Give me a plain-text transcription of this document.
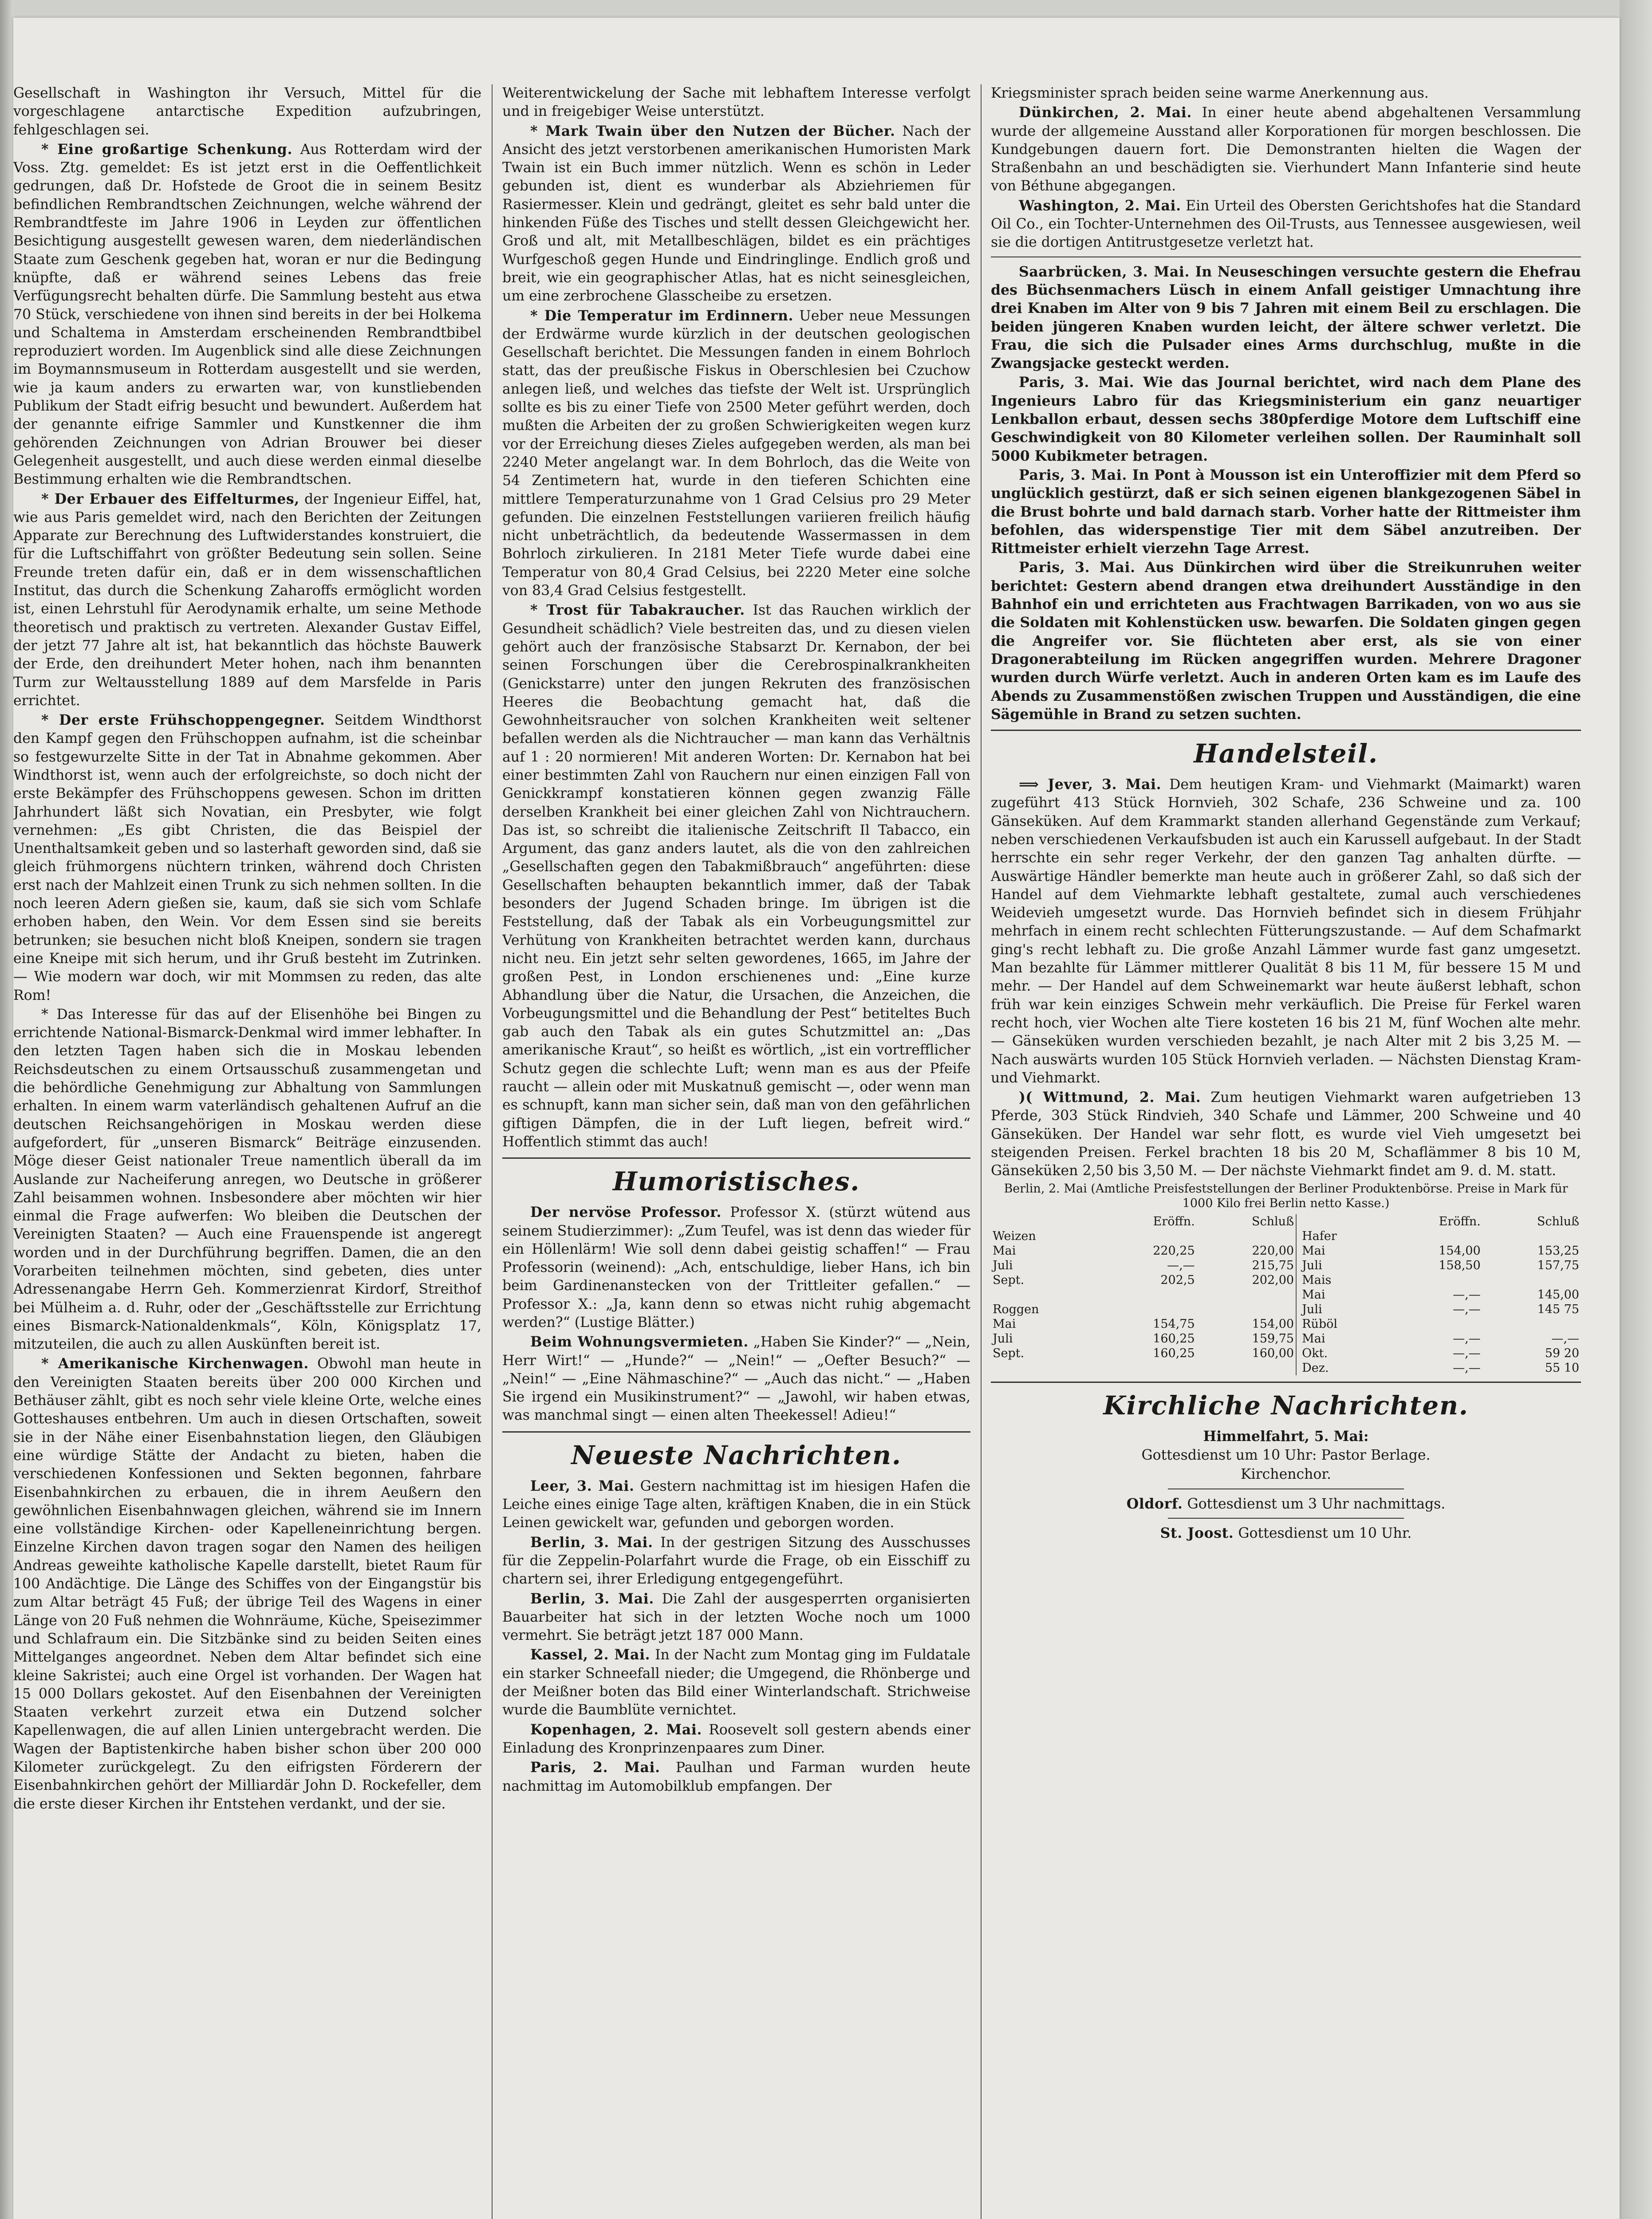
Gesellschaft in Washington ihr Versuch, Mittel für die vorgeschlagene antarctische Expedition aufzubringen, fehlgeschlagen sei.

* Eine großartige Schenkung. Aus Rotterdam wird der Voss. Ztg. gemeldet: Es ist jetzt erst in die Oeffentlichkeit gedrungen, daß Dr. Hofstede de Groot die in seinem Besitz befindlichen Rembrandtschen Zeichnungen, welche während der Rembrandtfeste im Jahre 1906 in Leyden zur öffentlichen Besichtigung ausgestellt gewesen waren, dem niederländischen Staate zum Geschenk gegeben hat, woran er nur die Bedingung knüpfte, daß er während seines Lebens das freie Verfügungsrecht behalten dürfe. Die Sammlung besteht aus etwa 70 Stück, verschiedene von ihnen sind bereits in der bei Holkema und Schaltema in Amsterdam erscheinenden Rembrandtbibel reproduziert worden. Im Augenblick sind alle diese Zeichnungen im Boymannsmuseum in Rotterdam ausgestellt und sie werden, wie ja kaum anders zu erwarten war, von kunstliebenden Publikum der Stadt eifrig besucht und bewundert. Außerdem hat der genannte eifrige Sammler und Kunstkenner die ihm gehörenden Zeichnungen von Adrian Brouwer bei dieser Gelegenheit ausgestellt, und auch diese werden einmal dieselbe Bestimmung erhalten wie die Rembrandtschen.

* Der Erbauer des Eiffelturmes, der Ingenieur Eiffel, hat, wie aus Paris gemeldet wird, nach den Berichten der Zeitungen Apparate zur Berechnung des Luftwiderstandes konstruiert, die für die Luftschiffahrt von größter Bedeutung sein sollen. Seine Freunde treten dafür ein, daß er in dem wissenschaftlichen Institut, das durch die Schenkung Zaharoffs ermöglicht worden ist, einen Lehrstuhl für Aerodynamik erhalte, um seine Methode theoretisch und praktisch zu vertreten. Alexander Gustav Eiffel, der jetzt 77 Jahre alt ist, hat bekanntlich das höchste Bauwerk der Erde, den dreihundert Meter hohen, nach ihm benannten Turm zur Weltausstellung 1889 auf dem Marsfelde in Paris errichtet.

* Der erste Frühschoppengegner. Seitdem Windthorst den Kampf gegen den Frühschoppen aufnahm, ist die scheinbar so festgewurzelte Sitte in der Tat in Abnahme gekommen. Aber Windthorst ist, wenn auch der erfolgreichste, so doch nicht der erste Bekämpfer des Frühschoppens gewesen. Schon im dritten Jahrhundert läßt sich Novatian, ein Presbyter, wie folgt vernehmen: „Es gibt Christen, die das Beispiel der Unenthaltsamkeit geben und so lasterhaft geworden sind, daß sie gleich frühmorgens nüchtern trinken, während doch Christen erst nach der Mahlzeit einen Trunk zu sich nehmen sollten. In die noch leeren Adern gießen sie, kaum, daß sie sich vom Schlafe erhoben haben, den Wein. Vor dem Essen sind sie bereits betrunken; sie besuchen nicht bloß Kneipen, sondern sie tragen eine Kneipe mit sich herum, und ihr Gruß besteht im Zutrinken. — Wie modern war doch, wir mit Mommsen zu reden, das alte Rom!

* Das Interesse für das auf der Elisenhöhe bei Bingen zu errichtende National-Bismarck-Denkmal wird immer lebhafter. In den letzten Tagen haben sich die in Moskau lebenden Reichsdeutschen zu einem Ortsausschuß zusammengetan und die behördliche Genehmigung zur Abhaltung von Sammlungen erhalten. In einem warm vaterländisch gehaltenen Aufruf an die deutschen Reichsangehörigen in Moskau werden diese aufgefordert, für „unseren Bismarck“ Beiträge einzusenden. Möge dieser Geist nationaler Treue namentlich überall da im Auslande zur Nacheiferung anregen, wo Deutsche in größerer Zahl beisammen wohnen. Insbesondere aber möchten wir hier einmal die Frage aufwerfen: Wo bleiben die Deutschen der Vereinigten Staaten? — Auch eine Frauenspende ist angeregt worden und in der Durchführung begriffen. Damen, die an den Vorarbeiten teilnehmen möchten, sind gebeten, dies unter Adressenangabe Herrn Geh. Kommerzienrat Kirdorf, Streithof bei Mülheim a. d. Ruhr, oder der „Geschäftsstelle zur Errichtung eines Bismarck-Nationaldenkmals“, Köln, Königsplatz 17, mitzuteilen, die auch zu allen Auskünften bereit ist.

* Amerikanische Kirchenwagen. Obwohl man heute in den Vereinigten Staaten bereits über 200 000 Kirchen und Bethäuser zählt, gibt es noch sehr viele kleine Orte, welche eines Gotteshauses entbehren. Um auch in diesen Ortschaften, soweit sie in der Nähe einer Eisenbahnstation liegen, den Gläubigen eine würdige Stätte der Andacht zu bieten, haben die verschiedenen Konfessionen und Sekten begonnen, fahrbare Eisenbahnkirchen zu erbauen, die in ihrem Aeußern den gewöhnlichen Eisenbahnwagen gleichen, während sie im Innern eine vollständige Kirchen- oder Kapelleneinrichtung bergen. Einzelne Kirchen davon tragen sogar den Namen des heiligen Andreas geweihte katholische Kapelle darstellt, bietet Raum für 100 Andächtige. Die Länge des Schiffes von der Eingangstür bis zum Altar beträgt 45 Fuß; der übrige Teil des Wagens in einer Länge von 20 Fuß nehmen die Wohnräume, Küche, Speisezimmer und Schlafraum ein. Die Sitzbänke sind zu beiden Seiten eines Mittelganges angeordnet. Neben dem Altar befindet sich eine kleine Sakristei; auch eine Orgel ist vorhanden. Der Wagen hat 15 000 Dollars gekostet. Auf den Eisenbahnen der Vereinigten Staaten verkehrt zurzeit etwa ein Dutzend solcher Kapellenwagen, die auf allen Linien untergebracht werden. Die Wagen der Baptistenkirche haben bisher schon über 200 000 Kilometer zurückgelegt. Zu den eifrigsten Förderern der Eisenbahnkirchen gehört der Milliardär John D. Rockefeller, dem die erste dieser Kirchen ihr Entstehen verdankt, und der sie.

Weiterentwickelung der Sache mit lebhaftem Interesse verfolgt und in freigebiger Weise unterstützt.

* Mark Twain über den Nutzen der Bücher. Nach der Ansicht des jetzt verstorbenen amerikanischen Humoristen Mark Twain ist ein Buch immer nützlich. Wenn es schön in Leder gebunden ist, dient es wunderbar als Abziehriemen für Rasiermesser. Klein und gedrängt, gleitet es sehr bald unter die hinkenden Füße des Tisches und stellt dessen Gleichgewicht her. Groß und alt, mit Metallbeschlägen, bildet es ein prächtiges Wurfgeschoß gegen Hunde und Eindringlinge. Endlich groß und breit, wie ein geographischer Atlas, hat es nicht seinesgleichen, um eine zerbrochene Glasscheibe zu ersetzen.

* Die Temperatur im Erdinnern. Ueber neue Messungen der Erdwärme wurde kürzlich in der deutschen geologischen Gesellschaft berichtet. Die Messungen fanden in einem Bohrloch statt, das der preußische Fiskus in Oberschlesien bei Czuchow anlegen ließ, und welches das tiefste der Welt ist. Ursprünglich sollte es bis zu einer Tiefe von 2500 Meter geführt werden, doch mußten die Arbeiten der zu großen Schwierigkeiten wegen kurz vor der Erreichung dieses Zieles aufgegeben werden, als man bei 2240 Meter angelangt war. In dem Bohrloch, das die Weite von 54 Zentimetern hat, wurde in den tieferen Schichten eine mittlere Temperaturzunahme von 1 Grad Celsius pro 29 Meter gefunden. Die einzelnen Feststellungen variieren freilich häufig nicht unbeträchtlich, da bedeutende Wassermassen in dem Bohrloch zirkulieren. In 2181 Meter Tiefe wurde dabei eine Temperatur von 80,4 Grad Celsius, bei 2220 Meter eine solche von 83,4 Grad Celsius festgestellt.

* Trost für Tabakraucher. Ist das Rauchen wirklich der Gesundheit schädlich? Viele bestreiten das, und zu diesen vielen gehört auch der französische Stabsarzt Dr. Kernabon, der bei seinen Forschungen über die Cerebrospinalkrankheiten (Genickstarre) unter den jungen Rekruten des französischen Heeres die Beobachtung gemacht hat, daß die Gewohnheitsraucher von solchen Krankheiten weit seltener befallen werden als die Nichtraucher — man kann das Verhältnis auf 1 : 20 normieren! Mit anderen Worten: Dr. Kernabon hat bei einer bestimmten Zahl von Rauchern nur einen einzigen Fall von Genickkrampf konstatieren können gegen zwanzig Fälle derselben Krankheit bei einer gleichen Zahl von Nichtrauchern. Das ist, so schreibt die italienische Zeitschrift Il Tabacco, ein Argument, das ganz anders lautet, als die von den zahlreichen „Gesellschaften gegen den Tabakmißbrauch“ angeführten: diese Gesellschaften behaupten bekanntlich immer, daß der Tabak besonders der Jugend Schaden bringe. Im übrigen ist die Feststellung, daß der Tabak als ein Vorbeugungsmittel zur Verhütung von Krankheiten betrachtet werden kann, durchaus nicht neu. Ein jetzt sehr selten gewordenes, 1665, im Jahre der großen Pest, in London erschienenes und: „Eine kurze Abhandlung über die Natur, die Ursachen, die Anzeichen, die Vorbeugungsmittel und die Behandlung der Pest“ betiteltes Buch gab auch den Tabak als ein gutes Schutzmittel an: „Das amerikanische Kraut“, so heißt es wörtlich, „ist ein vortrefflicher Schutz gegen die schlechte Luft; wenn man es aus der Pfeife raucht — allein oder mit Muskatnuß gemischt —, oder wenn man es schnupft, kann man sicher sein, daß man von den gefährlichen giftigen Dämpfen, die in der Luft liegen, befreit wird.“ Hoffentlich stimmt das auch!

Humoristisches.

Der nervöse Professor. Professor X. (stürzt wütend aus seinem Studierzimmer): „Zum Teufel, was ist denn das wieder für ein Höllenlärm! Wie soll denn dabei geistig schaffen!“ — Frau Professorin (weinend): „Ach, entschuldige, lieber Hans, ich bin beim Gardinenanstecken von der Trittleiter gefallen.“ — Professor X.: „Ja, kann denn so etwas nicht ruhig abgemacht werden?“ (Lustige Blätter.)

Beim Wohnungsvermieten. „Haben Sie Kinder?“ — „Nein, Herr Wirt!“ — „Hunde?“ — „Nein!“ — „Oefter Besuch?“ — „Nein!“ — „Eine Nähmaschine?“ — „Auch das nicht.“ — „Haben Sie irgend ein Musikinstrument?“ — „Jawohl, wir haben etwas, was manchmal singt — einen alten Theekessel! Adieu!“

Neueste Nachrichten.

Leer, 3. Mai. Gestern nachmittag ist im hiesigen Hafen die Leiche eines einige Tage alten, kräftigen Knaben, die in ein Stück Leinen gewickelt war, gefunden und geborgen worden.

Berlin, 3. Mai. In der gestrigen Sitzung des Ausschusses für die Zeppelin-Polarfahrt wurde die Frage, ob ein Eisschiff zu chartern sei, ihrer Erledigung entgegengeführt.

Berlin, 3. Mai. Die Zahl der ausgesperrten organisierten Bauarbeiter hat sich in der letzten Woche noch um 1000 vermehrt. Sie beträgt jetzt 187 000 Mann.

Kassel, 2. Mai. In der Nacht zum Montag ging im Fuldatale ein starker Schneefall nieder; die Umgegend, die Rhönberge und der Meißner boten das Bild einer Winterlandschaft. Strichweise wurde die Baumblüte vernichtet.

Kopenhagen, 2. Mai. Roosevelt soll gestern abends einer Einladung des Kronprinzenpaares zum Diner.

Paris, 2. Mai. Paulhan und Farman wurden heute nachmittag im Automobilklub empfangen. Der

Kriegsminister sprach beiden seine warme Anerkennung aus.

Dünkirchen, 2. Mai. In einer heute abend abgehaltenen Versammlung wurde der allgemeine Ausstand aller Korporationen für morgen beschlossen. Die Kundgebungen dauern fort. Die Demonstranten hielten die Wagen der Straßenbahn an und beschädigten sie. Vierhundert Mann Infanterie sind heute von Béthune abgegangen.

Washington, 2. Mai. Ein Urteil des Obersten Gerichtshofes hat die Standard Oil Co., ein Tochter-Unternehmen des Oil-Trusts, aus Tennessee ausgewiesen, weil sie die dortigen Antitrustgesetze verletzt hat.

Saarbrücken, 3. Mai. In Neuseschingen versuchte gestern die Ehefrau des Büchsenmachers Lüsch in einem Anfall geistiger Umnachtung ihre drei Knaben im Alter von 9 bis 7 Jahren mit einem Beil zu erschlagen. Die beiden jüngeren Knaben wurden leicht, der ältere schwer verletzt. Die Frau, die sich die Pulsader eines Arms durchschlug, mußte in die Zwangsjacke gesteckt werden.

Paris, 3. Mai. Wie das Journal berichtet, wird nach dem Plane des Ingenieurs Labro für das Kriegsministerium ein ganz neuartiger Lenkballon erbaut, dessen sechs 380pferdige Motore dem Luftschiff eine Geschwindigkeit von 80 Kilometer verleihen sollen. Der Rauminhalt soll 5000 Kubikmeter betragen.

Paris, 3. Mai. In Pont à Mousson ist ein Unteroffizier mit dem Pferd so unglücklich gestürzt, daß er sich seinen eigenen blankgezogenen Säbel in die Brust bohrte und bald darnach starb. Vorher hatte der Rittmeister ihm befohlen, das widerspenstige Tier mit dem Säbel anzutreiben. Der Rittmeister erhielt vierzehn Tage Arrest.

Paris, 3. Mai. Aus Dünkirchen wird über die Streikunruhen weiter berichtet: Gestern abend drangen etwa dreihundert Ausständige in den Bahnhof ein und errichteten aus Frachtwagen Barrikaden, von wo aus sie die Soldaten mit Kohlenstücken usw. bewarfen. Die Soldaten gingen gegen die Angreifer vor. Sie flüchteten aber erst, als sie von einer Dragonerabteilung im Rücken angegriffen wurden. Mehrere Dragoner wurden durch Würfe verletzt. Auch in anderen Orten kam es im Laufe des Abends zu Zusammenstößen zwischen Truppen und Ausständigen, die eine Sägemühle in Brand zu setzen suchten.

Handelsteil.

⟹ Jever, 3. Mai. Dem heutigen Kram- und Viehmarkt (Maimarkt) waren zugeführt 413 Stück Hornvieh, 302 Schafe, 236 Schweine und za. 100 Gänseküken. Auf dem Krammarkt standen allerhand Gegenstände zum Verkauf; neben verschiedenen Verkaufsbuden ist auch ein Karussell aufgebaut. In der Stadt herrschte ein sehr reger Verkehr, der den ganzen Tag anhalten dürfte. — Auswärtige Händler bemerkte man heute auch in größerer Zahl, so daß sich der Handel auf dem Viehmarkte lebhaft gestaltete, zumal auch verschiedenes Weidevieh umgesetzt wurde. Das Hornvieh befindet sich in diesem Frühjahr mehrfach in einem recht schlechten Fütterungszustande. — Auf dem Schafmarkt ging's recht lebhaft zu. Die große Anzahl Lämmer wurde fast ganz umgesetzt. Man bezahlte für Lämmer mittlerer Qualität 8 bis 11 M, für bessere 15 M und mehr. — Der Handel auf dem Schweinemarkt war heute äußerst lebhaft, schon früh war kein einziges Schwein mehr verkäuflich. Die Preise für Ferkel waren recht hoch, vier Wochen alte Tiere kosteten 16 bis 21 M, fünf Wochen alte mehr. — Gänseküken wurden verschieden bezahlt, je nach Alter mit 2 bis 3,25 M. — Nach auswärts wurden 105 Stück Hornvieh verladen. — Nächsten Dienstag Kram- und Viehmarkt.

)( Wittmund, 2. Mai. Zum heutigen Viehmarkt waren aufgetrieben 13 Pferde, 303 Stück Rindvieh, 340 Schafe und Lämmer, 200 Schweine und 40 Gänseküken. Der Handel war sehr flott, es wurde viel Vieh umgesetzt bei steigenden Preisen. Ferkel brachten 18 bis 20 M, Schaflämmer 8 bis 10 M, Gänseküken 2,50 bis 3,50 M. — Der nächste Viehmarkt findet am 9. d. M. statt.

Berlin, 2. Mai (Amtliche Preisfeststellungen der Berliner Produktenbörse. Preise in Mark für 1000 Kilo frei Berlin netto Kasse.)

	Eröffn.	Schluß			Eröffn.	Schluß
Weizen				Hafer		
Mai	220,25	220,00		Mai	154,00	153,25
Juli	—,—	215,75		Juli	158,50	157,75
Sept.	202,5	202,00		Mais		
				Mai	—,—	145,00
Roggen				Juli	—,—	145 75
Mai	154,75	154,00		Rüböl		
Juli	160,25	159,75		Mai	—,—	—,—
Sept.	160,25	160,00		Okt.	—,—	59 20
				Dez.	—,—	55 10
Kirchliche Nachrichten.

Himmelfahrt, 5. Mai:

Gottesdienst um 10 Uhr: Pastor Berlage.

Kirchenchor.

Oldorf. Gottesdienst um 3 Uhr nachmittags.

St. Joost. Gottesdienst um 10 Uhr.
